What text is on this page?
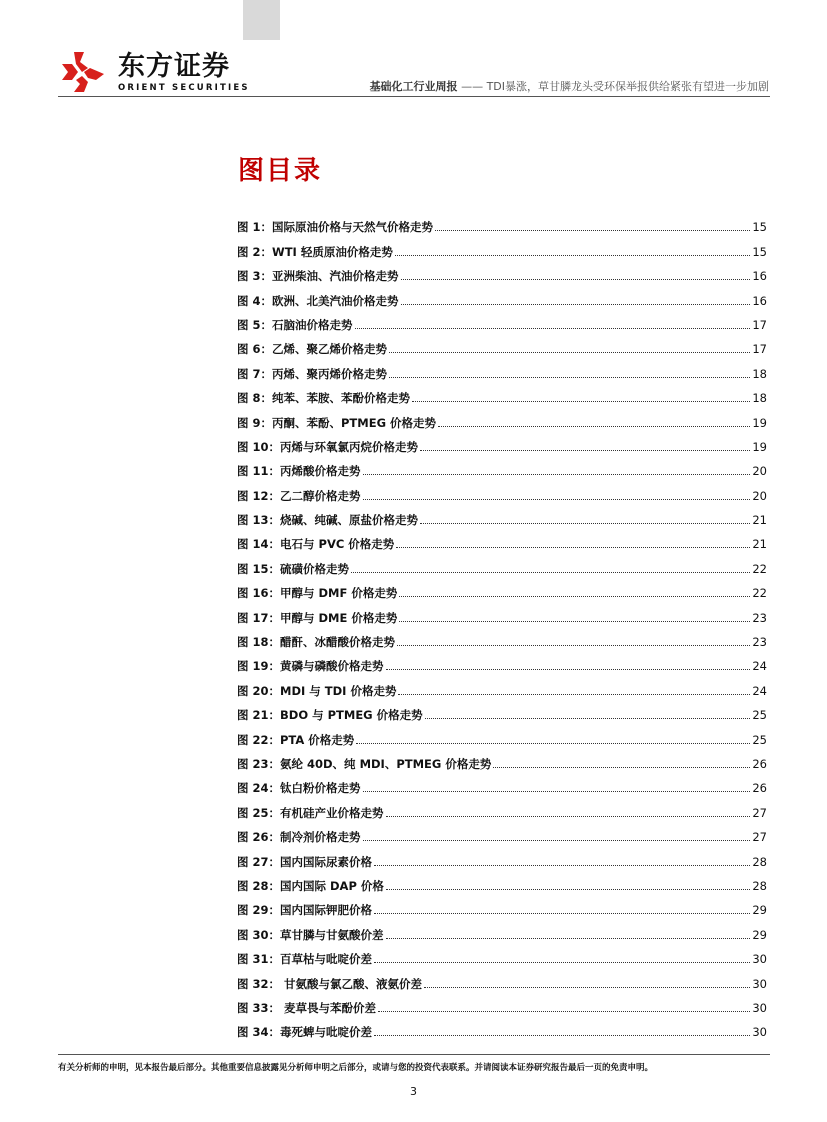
东方证券
ORIENT SECURITIES	基础化工行业周报 —— TDI暴涨，草甘膦龙头受环保举报供给紧张有望进一步加剧
图目录
图 1：国际原油价格与天然气价格走势	15
图 2：WTI 轻质原油价格走势	15
图 3：亚洲柴油、汽油价格走势	16
图 4：欧洲、北美汽油价格走势	16
图 5：石脑油价格走势	17
图 6：乙烯、聚乙烯价格走势	17
图 7：丙烯、聚丙烯价格走势	18
图 8：纯苯、苯胺、苯酚价格走势	18
图 9：丙酮、苯酚、PTMEG 价格走势	19
图 10：丙烯与环氧氯丙烷价格走势	19
图 11：丙烯酸价格走势	20
图 12：乙二醇价格走势	20
图 13：烧碱、纯碱、原盐价格走势	21
图 14：电石与 PVC 价格走势	21
图 15：硫磺价格走势	22
图 16：甲醇与 DMF 价格走势	22
图 17：甲醇与 DME 价格走势	23
图 18：醋酐、冰醋酸价格走势	23
图 19：黄磷与磷酸价格走势	24
图 20：MDI 与 TDI 价格走势	24
图 21：BDO 与 PTMEG 价格走势	25
图 22：PTA 价格走势	25
图 23：氨纶 40D、纯 MDI、PTMEG 价格走势	26
图 24：钛白粉价格走势	26
图 25：有机硅产业价格走势	27
图 26：制冷剂价格走势	27
图 27：国内国际尿素价格	28
图 28：国内国际 DAP 价格	28
图 29：国内国际钾肥价格	29
图 30：草甘膦与甘氨酸价差	29
图 31：百草枯与吡啶价差	30
图 32： 甘氨酸与氯乙酸、液氨价差	30
图 33： 麦草畏与苯酚价差	30
图 34：毒死蜱与吡啶价差	30
有关分析师的申明，见本报告最后部分。其他重要信息披露见分析师申明之后部分，或请与您的投资代表联系。并请阅读本证券研究报告最后一页的免责申明。
3
